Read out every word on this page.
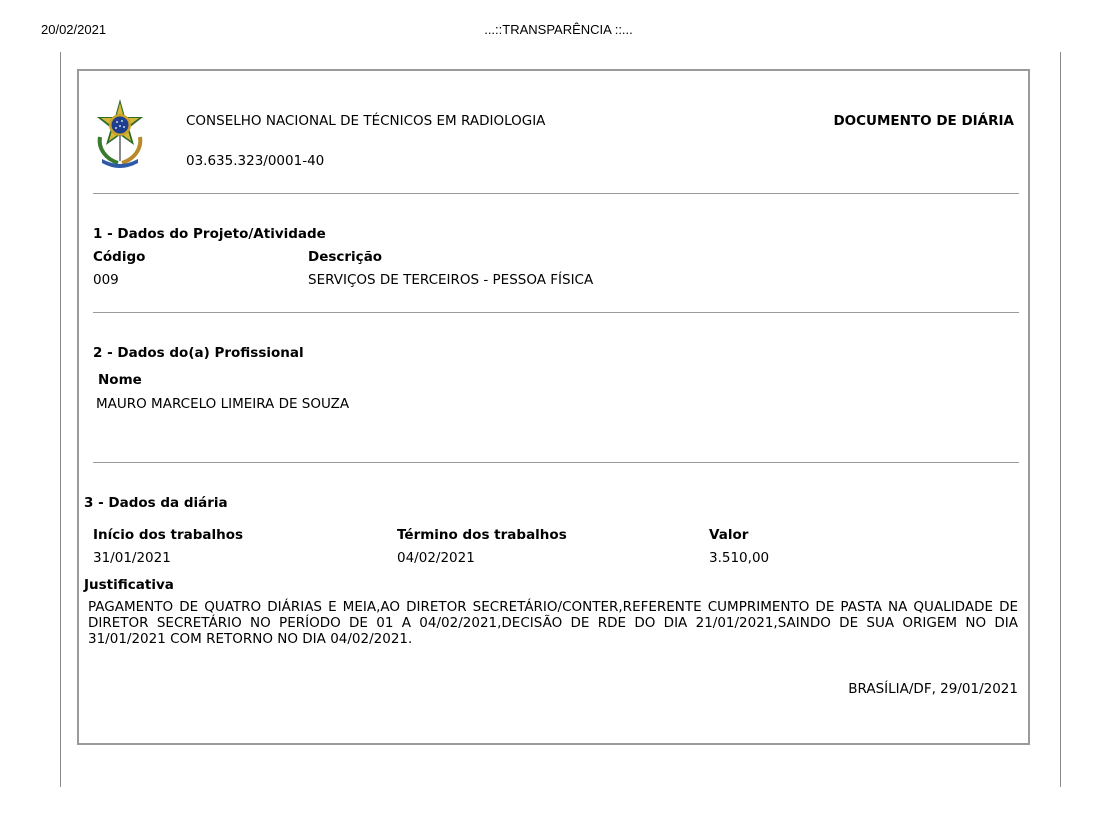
20/02/2021	...::TRANSPARÊNCIA ::...
CONSELHO NACIONAL DE TÉCNICOS EM RADIOLOGIA
03.635.323/0001-40
DOCUMENTO DE DIÁRIA
1 - Dados do Projeto/Atividade
Código	Descrição
009	SERVIÇOS DE TERCEIROS - PESSOA FÍSICA
2 - Dados do(a) Profissional
Nome
MAURO MARCELO LIMEIRA DE SOUZA
3 - Dados da diária
Início dos trabalhos	Término dos trabalhos	Valor
31/01/2021	04/02/2021	3.510,00
Justificativa
PAGAMENTO DE QUATRO DIÁRIAS E MEIA,AO DIRETOR SECRETÁRIO/CONTER,REFERENTE CUMPRIMENTO DE PASTA NA QUALIDADE DE DIRETOR SECRETÁRIO NO PERÍODO DE 01 A 04/02/2021,DECISÃO DE RDE DO DIA 21/01/2021,SAINDO DE SUA ORIGEM NO DIA 31/01/2021 COM RETORNO NO DIA 04/02/2021.
BRASÍLIA/DF, 29/01/2021
